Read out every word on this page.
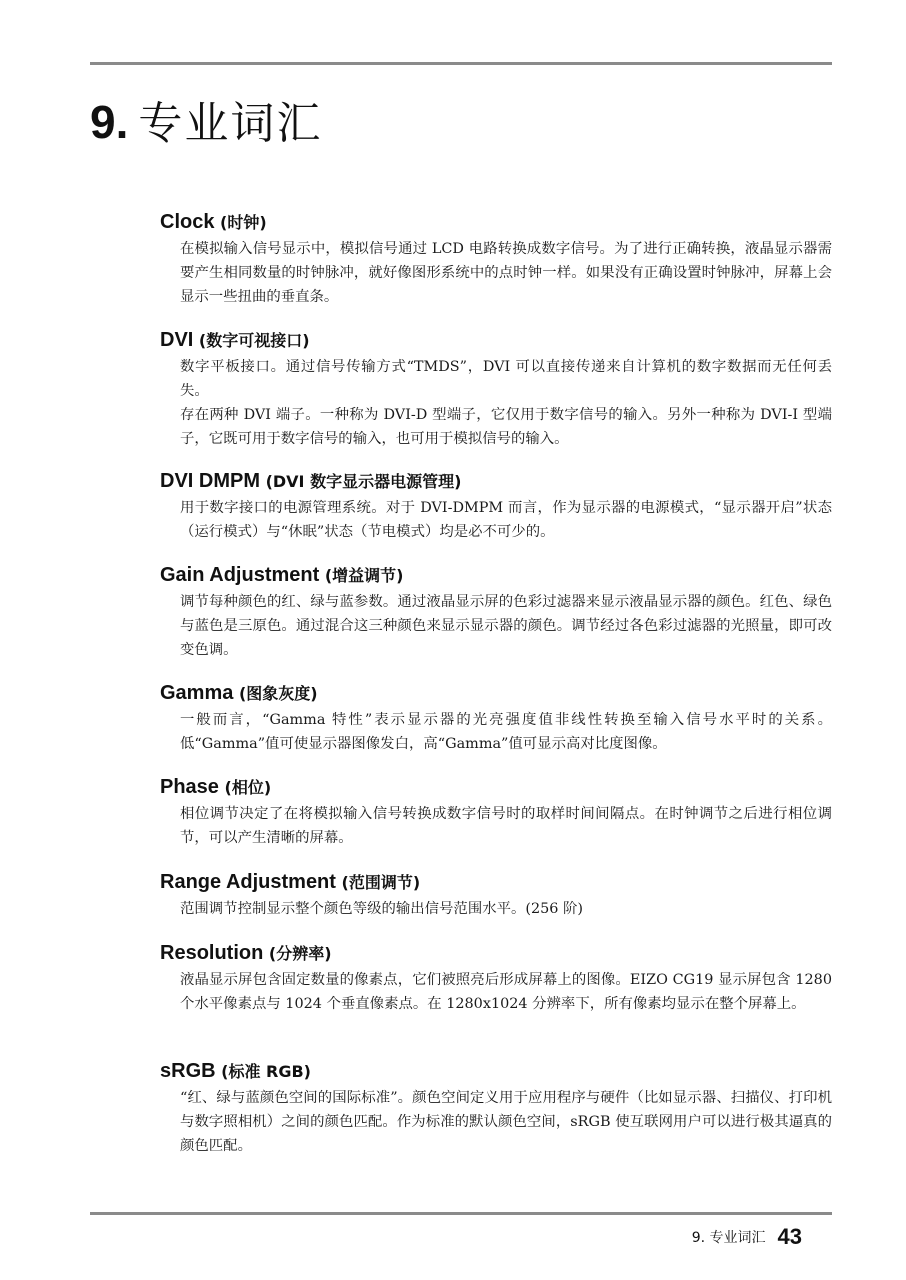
9. 专业词汇
Clock (时钟)

在模拟输入信号显示中，模拟信号通过 LCD 电路转换成数字信号。为了进行正确转换，液晶显示器需要产生相同数量的时钟脉冲，就好像图形系统中的点时钟一样。如果没有正确设置时钟脉冲，屏幕上会显示一些扭曲的垂直条。

DVI (数字可视接口)

数字平板接口。通过信号传输方式“TMDS”，DVI 可以直接传递来自计算机的数字数据而无任何丢失。

存在两种 DVI 端子。一种称为 DVI-D 型端子，它仅用于数字信号的输入。另外一种称为 DVI-I 型端子，它既可用于数字信号的输入，也可用于模拟信号的输入。

DVI DMPM (DVI 数字显示器电源管理)

用于数字接口的电源管理系统。对于 DVI-DMPM 而言，作为显示器的电源模式，“显示器开启”状态（运行模式）与“休眠”状态（节电模式）均是必不可少的。

Gain Adjustment (增益调节)

调节每种颜色的红、绿与蓝参数。通过液晶显示屏的色彩过滤器来显示液晶显示器的颜色。红色、绿色与蓝色是三原色。通过混合这三种颜色来显示显示器的颜色。调节经过各色彩过滤器的光照量，即可改变色调。

Gamma (图象灰度)

一般而言，“Gamma 特性”表示显示器的光亮强度值非线性转换至输入信号水平时的关系。低“Gamma”值可使显示器图像发白，高“Gamma”值可显示高对比度图像。

Phase (相位)

相位调节决定了在将模拟输入信号转换成数字信号时的取样时间间隔点。在时钟调节之后进行相位调节，可以产生清晰的屏幕。

Range Adjustment (范围调节)

范围调节控制显示整个颜色等级的输出信号范围水平。(256 阶)

Resolution (分辨率)

液晶显示屏包含固定数量的像素点，它们被照亮后形成屏幕上的图像。EIZO CG19 显示屏包含 1280 个水平像素点与 1024 个垂直像素点。在 1280x1024 分辨率下，所有像素均显示在整个屏幕上。

sRGB (标准 RGB)

“红、绿与蓝颜色空间的国际标准”。颜色空间定义用于应用程序与硬件（比如显示器、扫描仪、打印机与数字照相机）之间的颜色匹配。作为标准的默认颜色空间，sRGB 使互联网用户可以进行极其逼真的颜色匹配。

9. 专业词汇 43
